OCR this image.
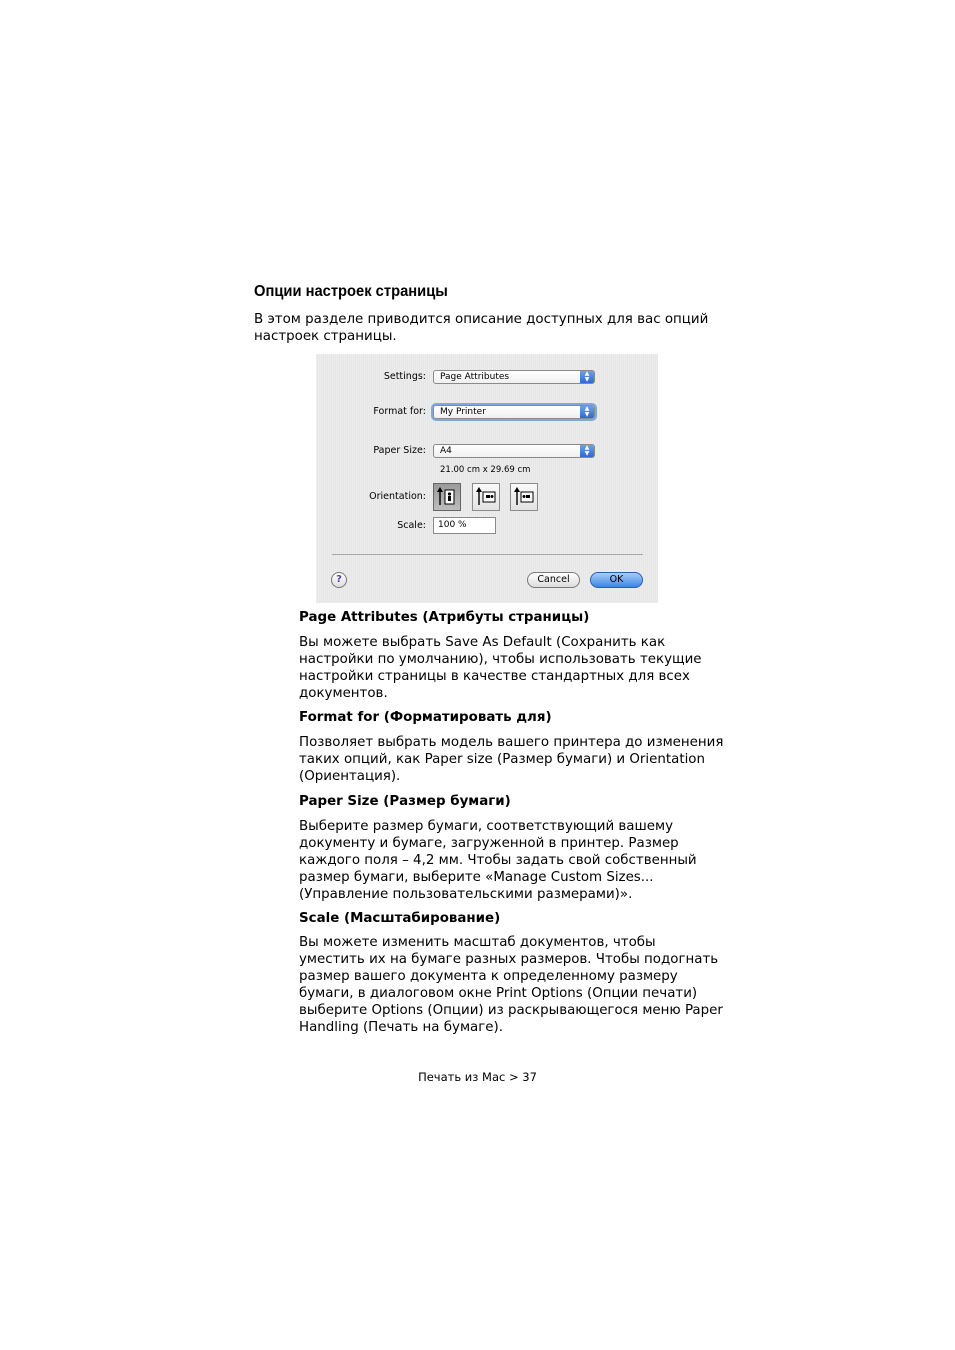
Опции настроек страницы

В этом разделе приводится описание доступных для вас опций настроек страницы.

Settings:	Page Attributes	▲
▼
Format for:	My Printer	▲
▼
Paper Size:	A4	▲
▼
21.00 cm x 29.69 cm
Orientation:
Scale:	100 %
?	Cancel	OK
Page Attributes (Атрибуты страницы)

Вы можете выбрать Save As Default (Сохранить как настройки по умолчанию), чтобы использовать текущие настройки страницы в качестве стандартных для всех документов.

Format for (Форматировать для)

Позволяет выбрать модель вашего принтера до изменения таких опций, как Paper size (Размер бумаги) и Orientation (Ориентация).

Paper Size (Размер бумаги)

Выберите размер бумаги, соответствующий вашему документу и бумаге, загруженной в принтер. Размер каждого поля – 4,2 мм. Чтобы задать свой собственный размер бумаги, выберите «Manage Custom Sizes... (Управление пользовательскими размерами)».

Scale (Масштабирование)

Вы можете изменить масштаб документов, чтобы уместить их на бумаге разных размеров. Чтобы подогнать размер вашего документа к определенному размеру бумаги, в диалоговом окне Print Options (Опции печати) выберите Options (Опции) из раскрывающегося меню Paper Handling (Печать на бумаге).

Печать из Mac > 37
